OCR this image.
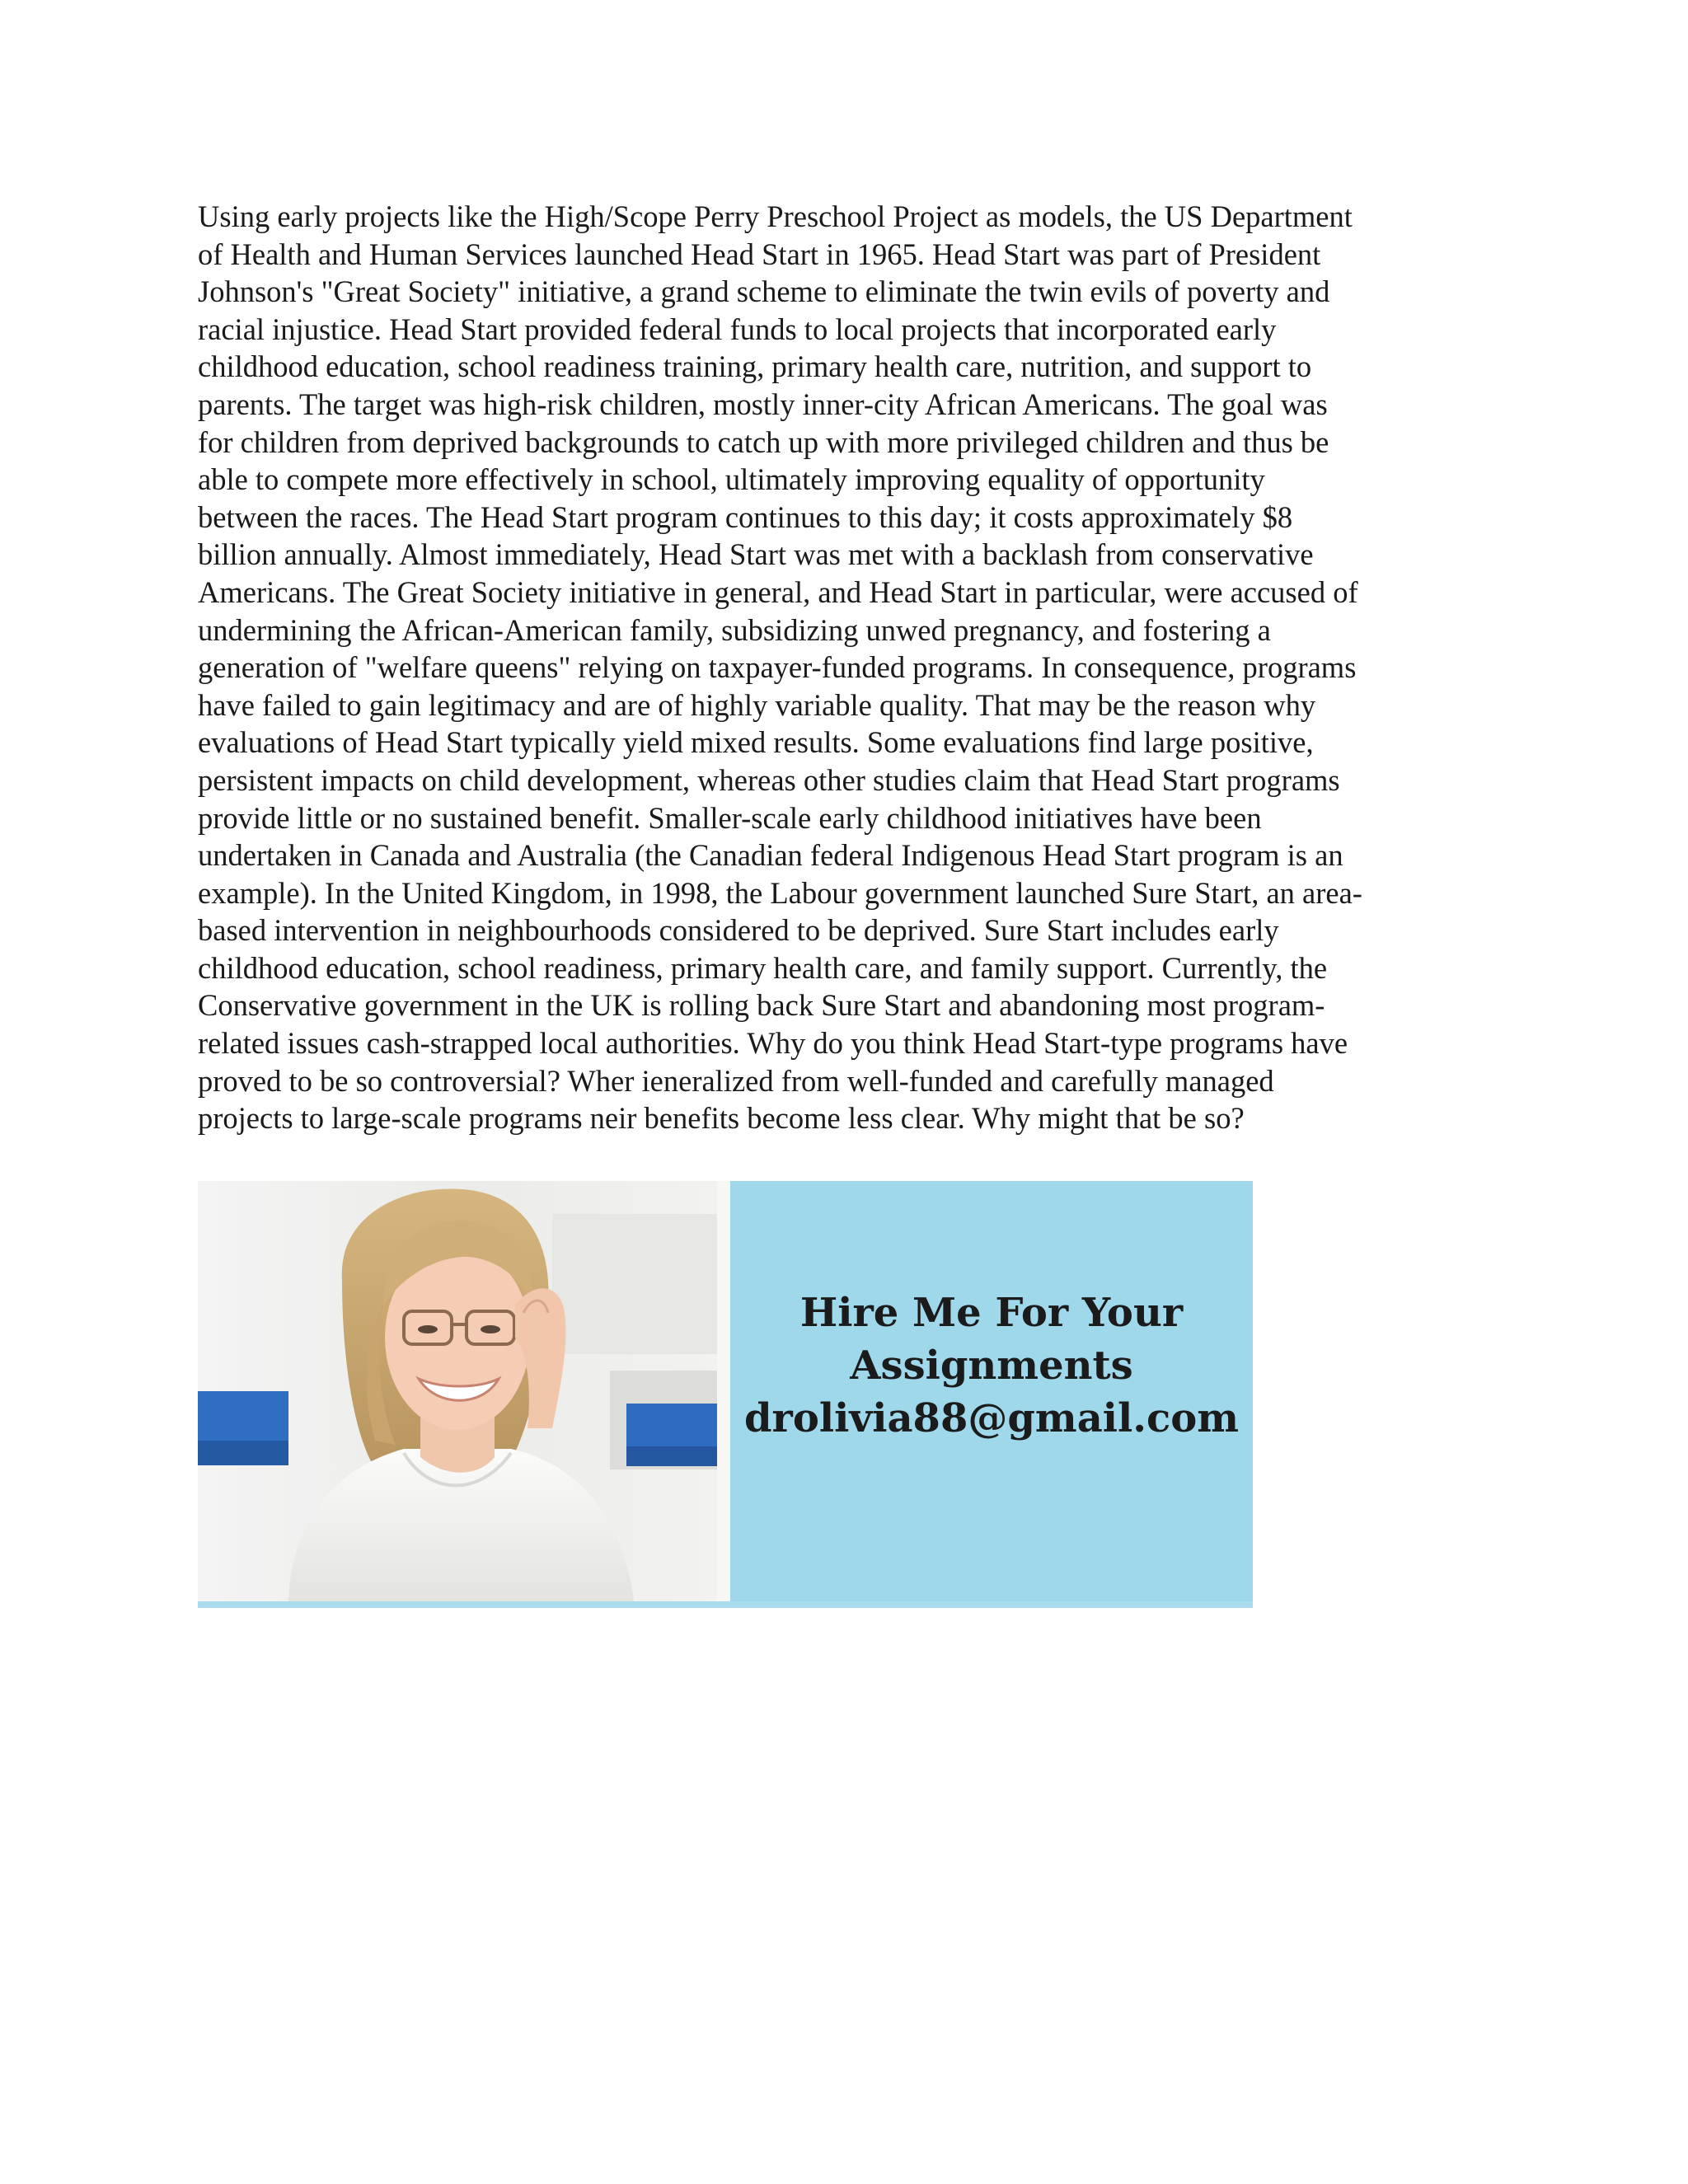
Using early projects like the High/Scope Perry Preschool Project as models, the US Department
of Health and Human Services launched Head Start in 1965. Head Start was part of President
Johnson's "Great Society" initiative, a grand scheme to eliminate the twin evils of poverty and
racial injustice. Head Start provided federal funds to local projects that incorporated early
childhood education, school readiness training, primary health care, nutrition, and support to
parents. The target was high-risk children, mostly inner-city African Americans. The goal was
for children from deprived backgrounds to catch up with more privileged children and thus be
able to compete more effectively in school, ultimately improving equality of opportunity
between the races. The Head Start program continues to this day; it costs approximately $8
billion annually. Almost immediately, Head Start was met with a backlash from conservative
Americans. The Great Society initiative in general, and Head Start in particular, were accused of
undermining the African-American family, subsidizing unwed pregnancy, and fostering a
generation of "welfare queens" relying on taxpayer-funded programs. In consequence, programs
have failed to gain legitimacy and are of highly variable quality. That may be the reason why
evaluations of Head Start typically yield mixed results. Some evaluations find large positive,
persistent impacts on child development, whereas other studies claim that Head Start programs
provide little or no sustained benefit. Smaller-scale early childhood initiatives have been
undertaken in Canada and Australia (the Canadian federal Indigenous Head Start program is an
example). In the United Kingdom, in 1998, the Labour government launched Sure Start, an area-
based intervention in neighbourhoods considered to be deprived. Sure Start includes early
childhood education, school readiness, primary health care, and family support. Currently, the
Conservative government in the UK is rolling back Sure Start and abandoning most program-
related issues cash-strapped local authorities. Why do you think Head Start-type programs have
proved to be so controversial? Wher ieneralized from well-funded and carefully managed
projects to large-scale programs neir benefits become less clear. Why might that be so?

Hire Me For Your
Assignments

drolivia88@gmail.com
